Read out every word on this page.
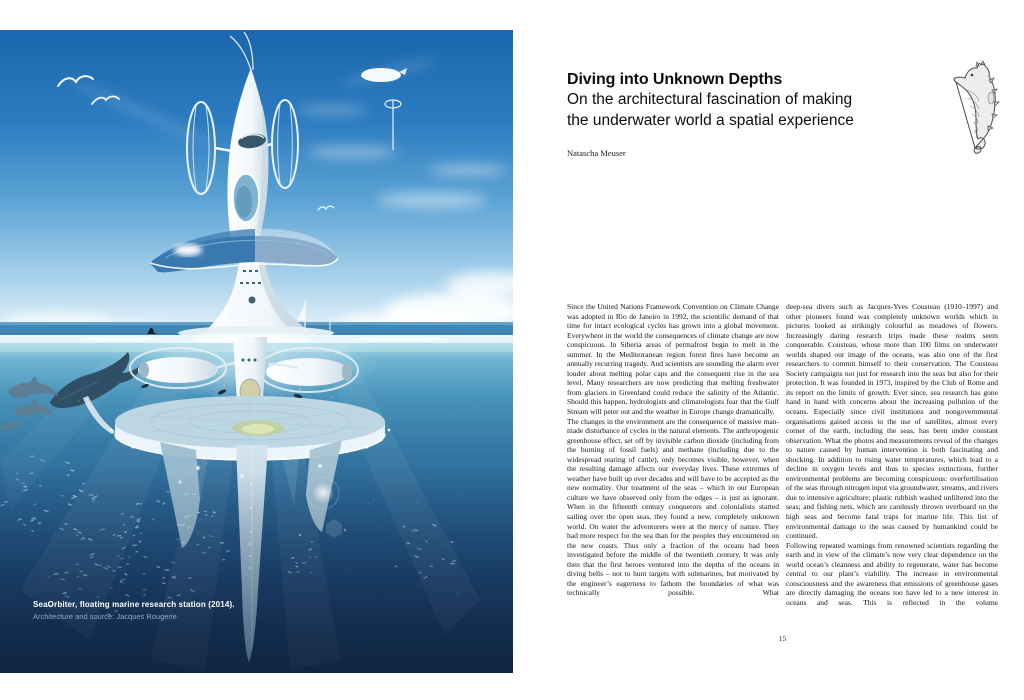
SeaOrbiter, floating marine research station (2014).
Architecture and source: Jacques Rougerie
Diving into Unknown Depths
On the architectural fascination of making
the underwater world a spatial experience
Natascha Meuser

Since the United Nations Framework Convention on Climate Change was adopted in Rio de Janeiro in 1992, the scientific demand of that time for intact ecological cycles has grown into a global movement. Everywhere in the world the consequences of climate change are now conspicuous. In Siberia areas of permafrost begin to melt in the summer. In the Mediterranean region forest fires have become an annually recurring tragedy. And scientists are sounding the alarm ever louder about melting polar caps and the consequent rise in the sea level. Many researchers are now predicting that melting freshwater from glaciers in Greenland could reduce the salinity of the Atlantic. Should this happen, hydrologists and climatologists fear that the Gulf Stream will peter out and the weather in Europe change dramatically.

The changes in the environment are the consequence of massive man-made disturbance of cycles in the natural elements. The anthropogenic greenhouse effect, set off by invisible carbon dioxide (including from the burning of fossil fuels) and methane (including due to the widespread rearing of cattle), only becomes visible, however, when the resulting damage affects our everyday lives. These extremes of weather have built up over decades and will have to be accepted as the new normality. Our treatment of the seas – which in our European culture we have observed only from the edges – is just as ignorant. When in the fifteenth century conquerors and colonialists started sailing over the open seas, they found a new, completely unknown world. On water the adventurers were at the mercy of nature. They had more respect for the sea than for the peoples they encountered on the new coasts. Thus only a fraction of the oceans had been investigated before the middle of the twentieth century. It was only then that the first heroes ventured into the depths of the oceans in diving bells – not to hunt targets with submarines, but motivated by the engineer’s eagerness to fathom the boundaries of what was technically possible. What

deep-sea divers such as Jacques-Yves Cousteau (1910–1997) and other pioneers found was completely unknown worlds which in pictures looked as strikingly colourful as meadows of flowers. Increasingly daring research trips made these realms seem conquerable. Cousteau, whose more than 100 films on underwater worlds shaped our image of the oceans, was also one of the first researchers to commit himself to their conservation. The Cousteau Society campaigns not just for research into the seas but also for their protection. It was founded in 1973, inspired by the Club of Rome and its report on the limits of growth. Ever since, sea research has gone hand in hand with concerns about the increasing pollution of the oceans. Especially since civil institutions and nongovernmental organisations gained access to the use of satellites, almost every corner of the earth, including the seas, has been under constant observation. What the photos and measurements reveal of the changes to nature caused by human intervention is both fascinating and shocking. In addition to rising water temperatures, which lead to a decline in oxygen levels and thus to species extinctions, further environmental problems are becoming conspicuous: overfertilisation of the seas through nitrogen input via groundwater, streams, and rivers due to intensive agriculture; plastic rubbish washed unfiltered into the seas; and fishing nets, which are carelessly thrown overboard on the high seas and become fatal traps for marine life. This list of environmental damage to the seas caused by humankind could be continued.

Following repeated warnings from renowned scientists regarding the earth and in view of the climate’s now very clear dependence on the world ocean’s cleanness and ability to regenerate, water has become central to our plant’s viability. The increase in environmental consciousness and the awareness that emissions of greenhouse gases are directly damaging the oceans too have led to a new interest in oceans and seas. This is reflected in the volume

15
